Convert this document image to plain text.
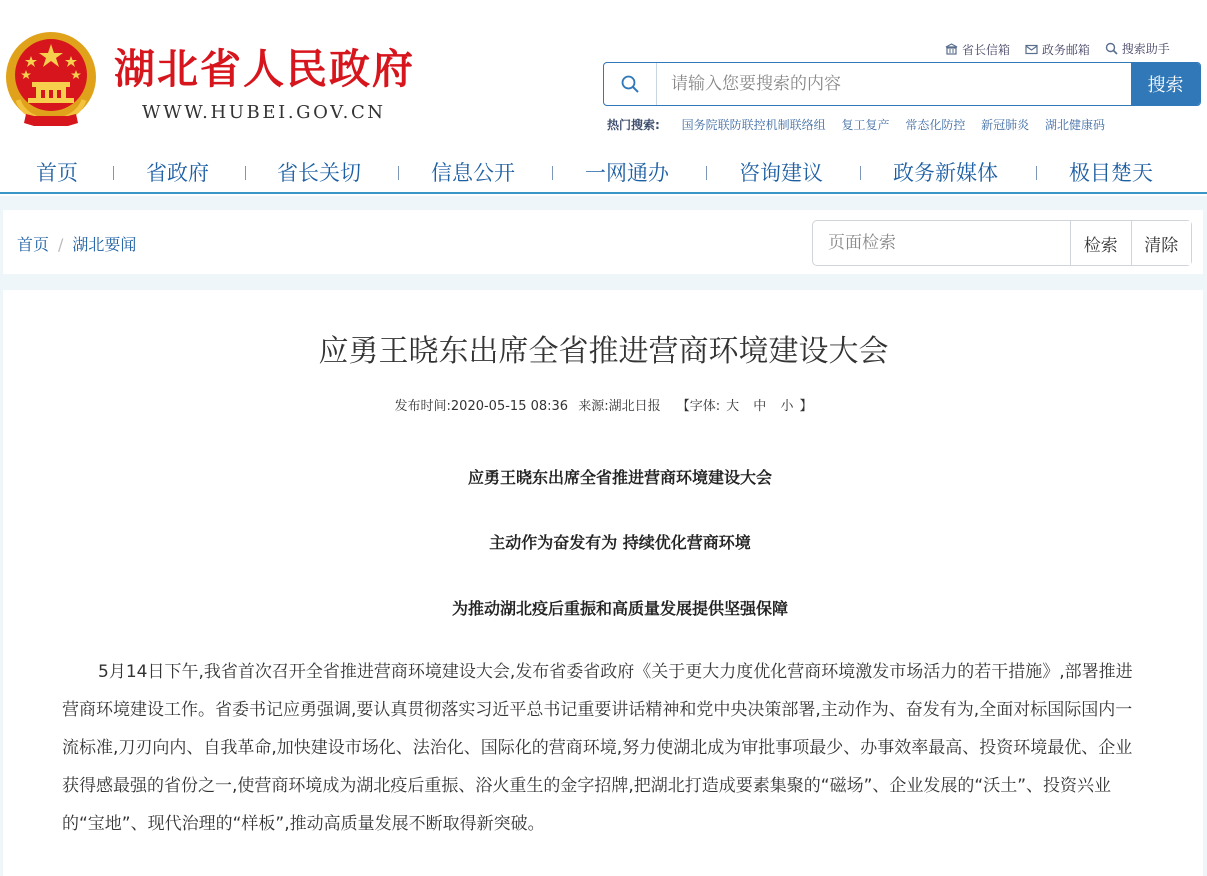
湖北省人民政府
WWW.HUBEI.GOV.CN
省长信箱
	政务邮箱
	搜索助手
请输入您要搜索的内容
搜索
热门搜索: 国务院联防联控机制联络组 复工复产 常态化防控 新冠肺炎 湖北健康码
首页	省政府	省长关切	信息公开	一网通办	咨询建议	政务新媒体	极目楚天
首页 / 湖北要闻
页面检索	检索	清除
应勇王晓东出席全省推进营商环境建设大会
发布时间:2020-05-15 08:36 来源:湖北日报 【字体: 大 中 小 】
应勇王晓东出席全省推进营商环境建设大会
主动作为奋发有为 持续优化营商环境
为推动湖北疫后重振和高质量发展提供坚强保障

5月14日下午,我省首次召开全省推进营商环境建设大会,发布省委省政府《关于更大力度优化营商环境激发市场活力的若干措施》,部署推进营商环境建设工作。省委书记应勇强调,要认真贯彻落实习近平总书记重要讲话精神和党中央决策部署,主动作为、奋发有为,全面对标国际国内一流标准,刀刃向内、自我革命,加快建设市场化、法治化、国际化的营商环境,努力使湖北成为审批事项最少、办事效率最高、投资环境最优、企业获得感最强的省份之一,使营商环境成为湖北疫后重振、浴火重生的金字招牌,把湖北打造成要素集聚的“磁场”、企业发展的“沃土”、投资兴业的“宝地”、现代治理的“样板”,推动高质量发展不断取得新突破。
